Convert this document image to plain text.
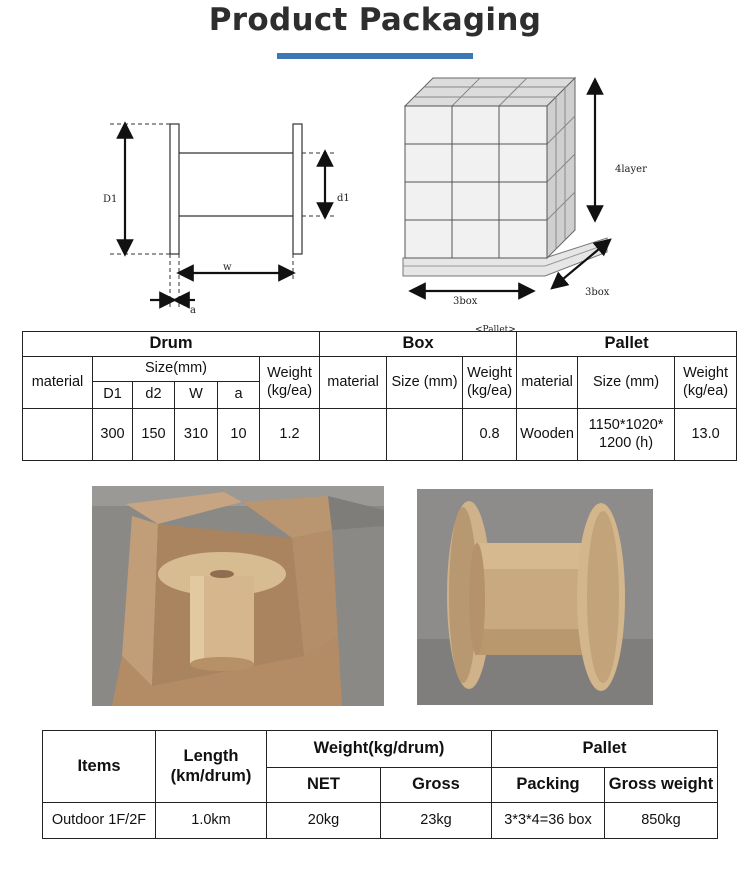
Product Packaging
D1	d1
w
a
4layer
3box
3box
<Pallet>
Drum						Box			Pallet		
material	Size(mm)				Weight (kg/ea)	material	Size (mm)	Weight (kg/ea)	material	Size (mm)	Weight (kg/ea)
	D1	d2	W	a							
	300	150	310	10	1.2			0.8	Wooden	1150*1020* 1200 (h)	13.0
Items	Length (km/drum)	Weight(kg/drum)		Pallet	
		NET	Gross	Packing	Gross weight
Outdoor 1F/2F	1.0km	20kg	23kg	3*3*4=36 box	850kg
